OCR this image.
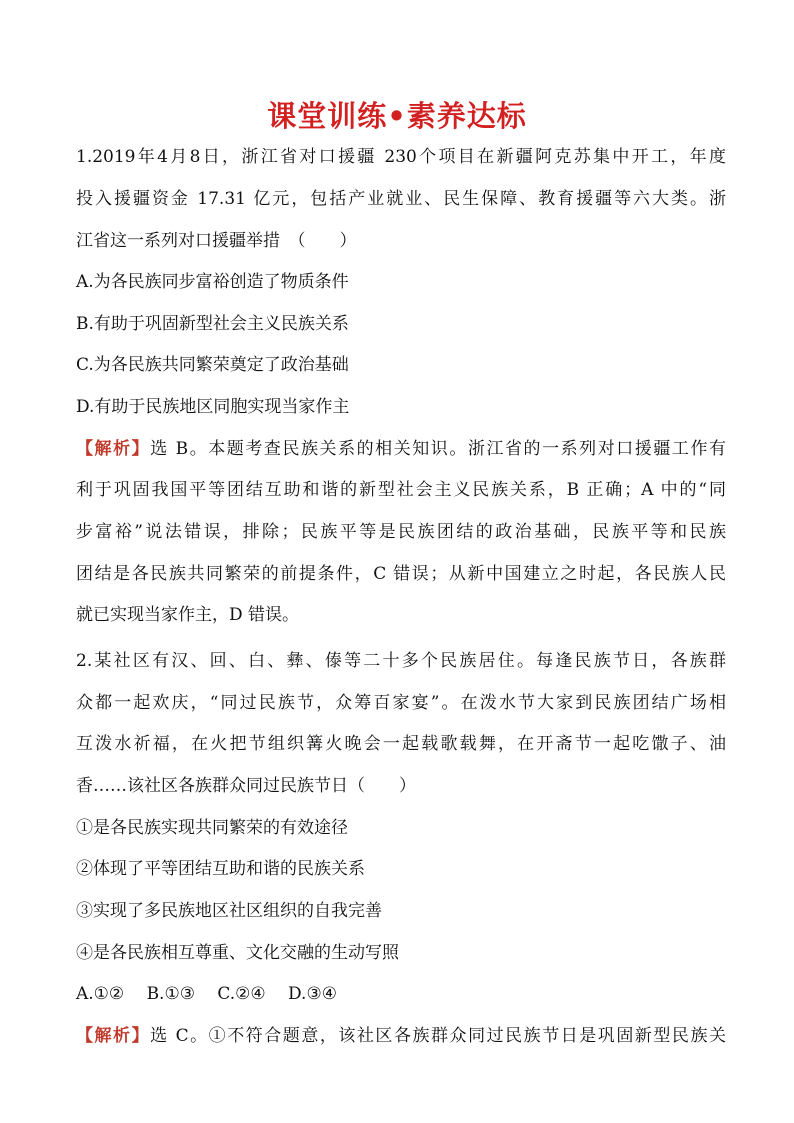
课堂训练•素养达标
1.2019年4月8日，浙江省对口援疆 230个项目在新疆阿克苏集中开工，年度
投入援疆资金 17.31 亿元，包括产业就业、民生保障、教育援疆等六大类。浙
江省这一系列对口援疆举措　（　　）
A.为各民族同步富裕创造了物质条件
B.有助于巩固新型社会主义民族关系
C.为各民族共同繁荣奠定了政治基础
D.有助于民族地区同胞实现当家作主
【解析】选 B。本题考查民族关系的相关知识。浙江省的一系列对口援疆工作有
利于巩固我国平等团结互助和谐的新型社会主义民族关系，B 正确；A 中的“同
步富裕”说法错误，排除；民族平等是民族团结的政治基础，民族平等和民族
团结是各民族共同繁荣的前提条件，C 错误；从新中国建立之时起，各民族人民
就已实现当家作主，D 错误。
2.某社区有汉、回、白、彝、傣等二十多个民族居住。每逢民族节日，各族群
众都一起欢庆，“同过民族节，众筹百家宴”。在泼水节大家到民族团结广场相
互泼水祈福，在火把节组织篝火晚会一起载歌载舞，在开斋节一起吃馓子、油
香……该社区各族群众同过民族节日（　　）
①是各民族实现共同繁荣的有效途径
②体现了平等团结互助和谐的民族关系
③实现了多民族地区社区组织的自我完善
④是各民族相互尊重、文化交融的生动写照
A.①②　 B.①③　 C.②④　 D.③④
【解析】选 C。①不符合题意，该社区各族群众同过民族节日是巩固新型民族关
